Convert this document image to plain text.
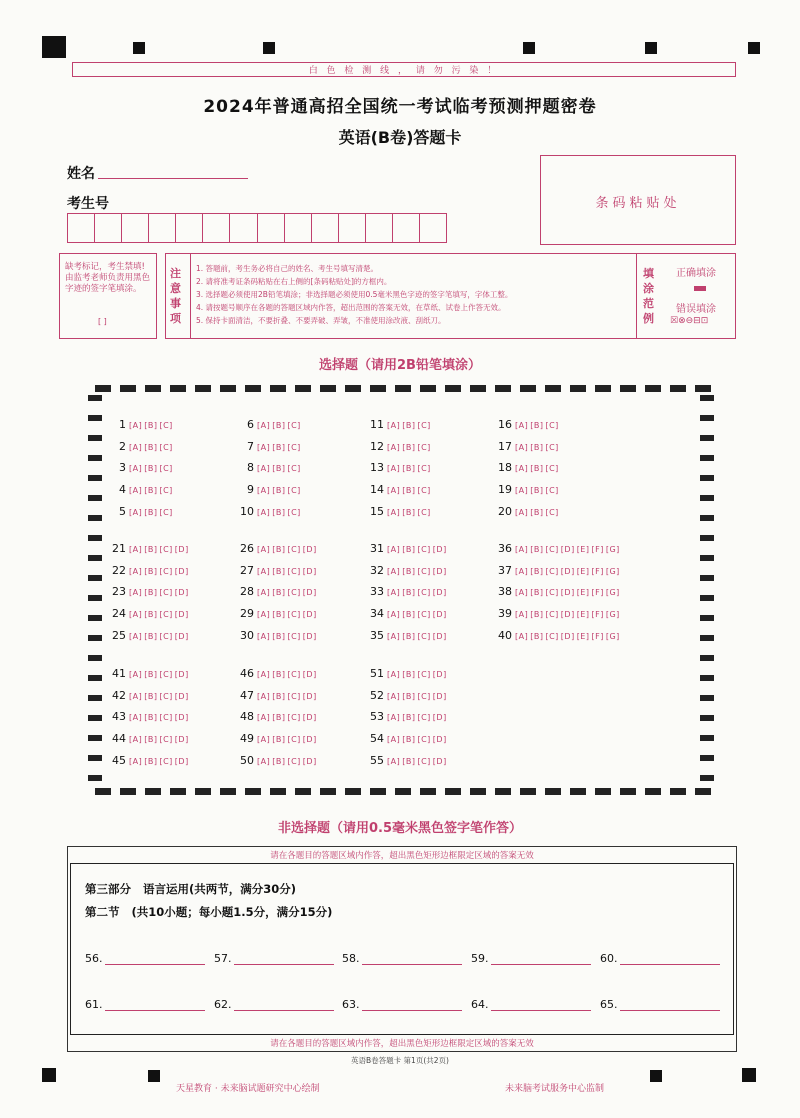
白 色 检 测 线 ， 请 勿 污 染 ！
2024年普通高招全国统一考试临考预测押题密卷
英语(B卷)答题卡
姓名
考生号	条码粘贴处
缺考标记，考生禁填!由监考老师负责用黑色字迹的签字笔填涂。
[ ]
注
意
事
项
1. 答题前，考生务必将自己的姓名、考生号填写清楚。
2. 请将准考证条码粘贴在右上侧的[条码粘贴处]的方框内。
3. 选择题必须使用2B铅笔填涂；非选择题必须使用0.5毫米黑色字迹的签字笔填写，字体工整。
4. 请按题号顺序在各题的答题区域内作答，超出范围的答案无效，在草纸、试卷上作答无效。
5. 保持卡面清洁，不要折叠、不要弄破、弄皱，不准使用涂改液、刮纸刀。
填
涂
范
例
正确填涂
错误填涂
☒⊗⊖⊟⊡
选择题（请用2B铅笔填涂）
1 [A] [B] [C]
2 [A] [B] [C]
3 [A] [B] [C]
4 [A] [B] [C]
5 [A] [B] [C]
6 [A] [B] [C]
7 [A] [B] [C]
8 [A] [B] [C]
9 [A] [B] [C]
10 [A] [B] [C]
11 [A] [B] [C]
12 [A] [B] [C]
13 [A] [B] [C]
14 [A] [B] [C]
15 [A] [B] [C]
16 [A] [B] [C]
17 [A] [B] [C]
18 [A] [B] [C]
19 [A] [B] [C]
20 [A] [B] [C]
21 [A] [B] [C] [D]
22 [A] [B] [C] [D]
23 [A] [B] [C] [D]
24 [A] [B] [C] [D]
25 [A] [B] [C] [D]
26 [A] [B] [C] [D]
27 [A] [B] [C] [D]
28 [A] [B] [C] [D]
29 [A] [B] [C] [D]
30 [A] [B] [C] [D]
31 [A] [B] [C] [D]
32 [A] [B] [C] [D]
33 [A] [B] [C] [D]
34 [A] [B] [C] [D]
35 [A] [B] [C] [D]
36 [A] [B] [C] [D] [E] [F] [G]
37 [A] [B] [C] [D] [E] [F] [G]
38 [A] [B] [C] [D] [E] [F] [G]
39 [A] [B] [C] [D] [E] [F] [G]
40 [A] [B] [C] [D] [E] [F] [G]
41 [A] [B] [C] [D]
42 [A] [B] [C] [D]
43 [A] [B] [C] [D]
44 [A] [B] [C] [D]
45 [A] [B] [C] [D]
46 [A] [B] [C] [D]
47 [A] [B] [C] [D]
48 [A] [B] [C] [D]
49 [A] [B] [C] [D]
50 [A] [B] [C] [D]
51 [A] [B] [C] [D]
52 [A] [B] [C] [D]
53 [A] [B] [C] [D]
54 [A] [B] [C] [D]
55 [A] [B] [C] [D]
非选择题（请用0.5毫米黑色签字笔作答）
请在各题目的答题区域内作答，超出黑色矩形边框限定区域的答案无效
请在各题目的答题区域内作答，超出黑色矩形边框限定区域的答案无效
第三部分   语言运用(共两节，满分30分)
第二节   (共10小题；每小题1.5分，满分15分)
56.	57.	58.	59.	60.
61.	62.	63.	64.	65.
英语B卷答题卡 第1页(共2页)
天星教育 · 未来脑试题研究中心绘制	未来脑考试服务中心监制
